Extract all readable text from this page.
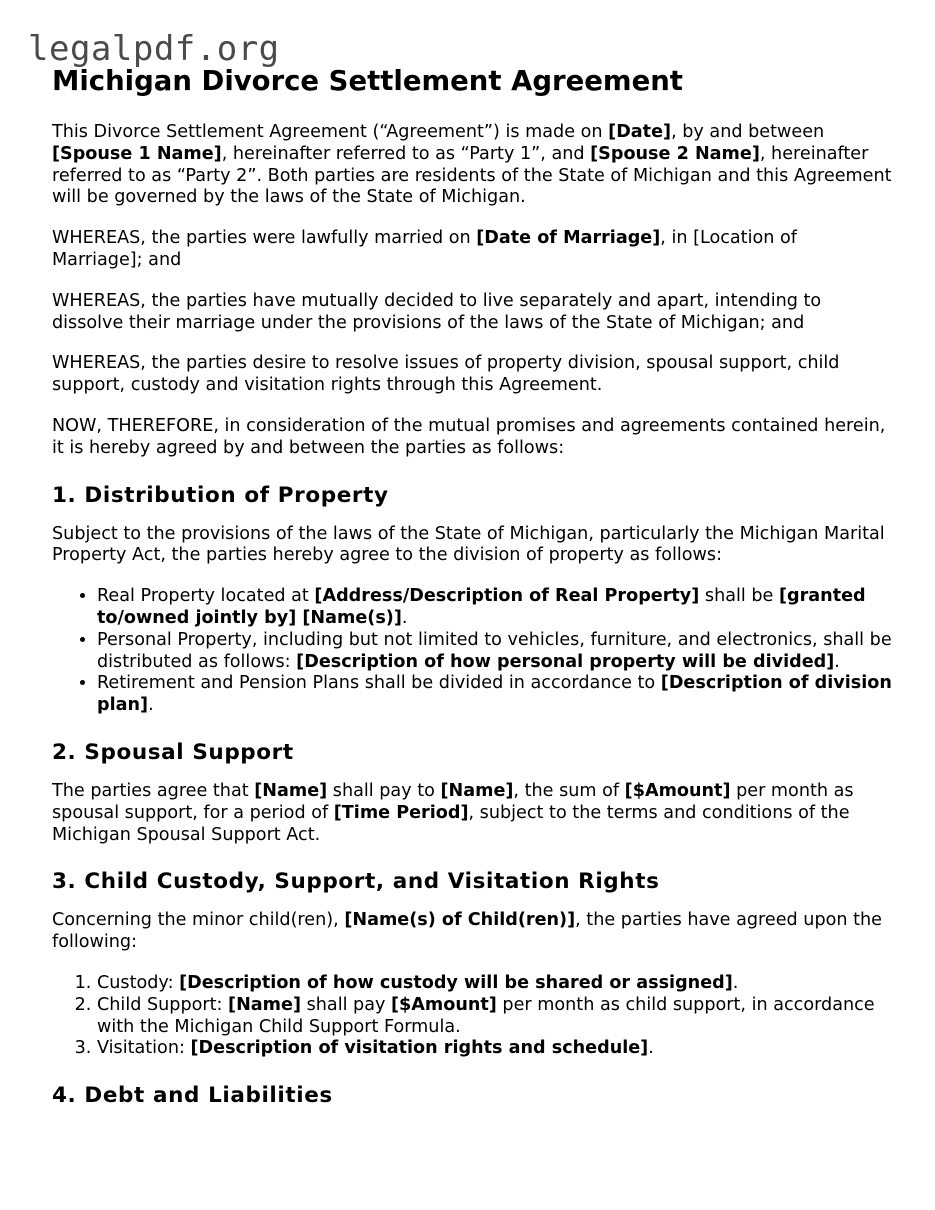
legalpdf.org
Michigan Divorce Settlement Agreement

This Divorce Settlement Agreement (“Agreement”) is made on [Date], by and between [Spouse 1 Name], hereinafter referred to as “Party 1”, and [Spouse 2 Name], hereinafter referred to as “Party 2”. Both parties are residents of the State of Michigan and this Agreement will be governed by the laws of the State of Michigan.

WHEREAS, the parties were lawfully married on [Date of Marriage], in [Location of Marriage]; and

WHEREAS, the parties have mutually decided to live separately and apart, intending to dissolve their marriage under the provisions of the laws of the State of Michigan; and

WHEREAS, the parties desire to resolve issues of property division, spousal support, child support, custody and visitation rights through this Agreement.

NOW, THEREFORE, in consideration of the mutual promises and agreements contained herein, it is hereby agreed by and between the parties as follows:

1. Distribution of Property

Subject to the provisions of the laws of the State of Michigan, particularly the Michigan Marital Property Act, the parties hereby agree to the division of property as follows:

• Real Property located at [Address/Description of Real Property] shall be [granted to/owned jointly by] [Name(s)].
• Personal Property, including but not limited to vehicles, furniture, and electronics, shall be distributed as follows: [Description of how personal property will be divided].
• Retirement and Pension Plans shall be divided in accordance to [Description of division plan].
2. Spousal Support

The parties agree that [Name] shall pay to [Name], the sum of [$Amount] per month as spousal support, for a period of [Time Period], subject to the terms and conditions of the Michigan Spousal Support Act.

3. Child Custody, Support, and Visitation Rights

Concerning the minor child(ren), [Name(s) of Child(ren)], the parties have agreed upon the following:

1. Custody: [Description of how custody will be shared or assigned].
2. Child Support: [Name] shall pay [$Amount] per month as child support, in accordance with the Michigan Child Support Formula.
3. Visitation: [Description of visitation rights and schedule].
4. Debt and Liabilities
